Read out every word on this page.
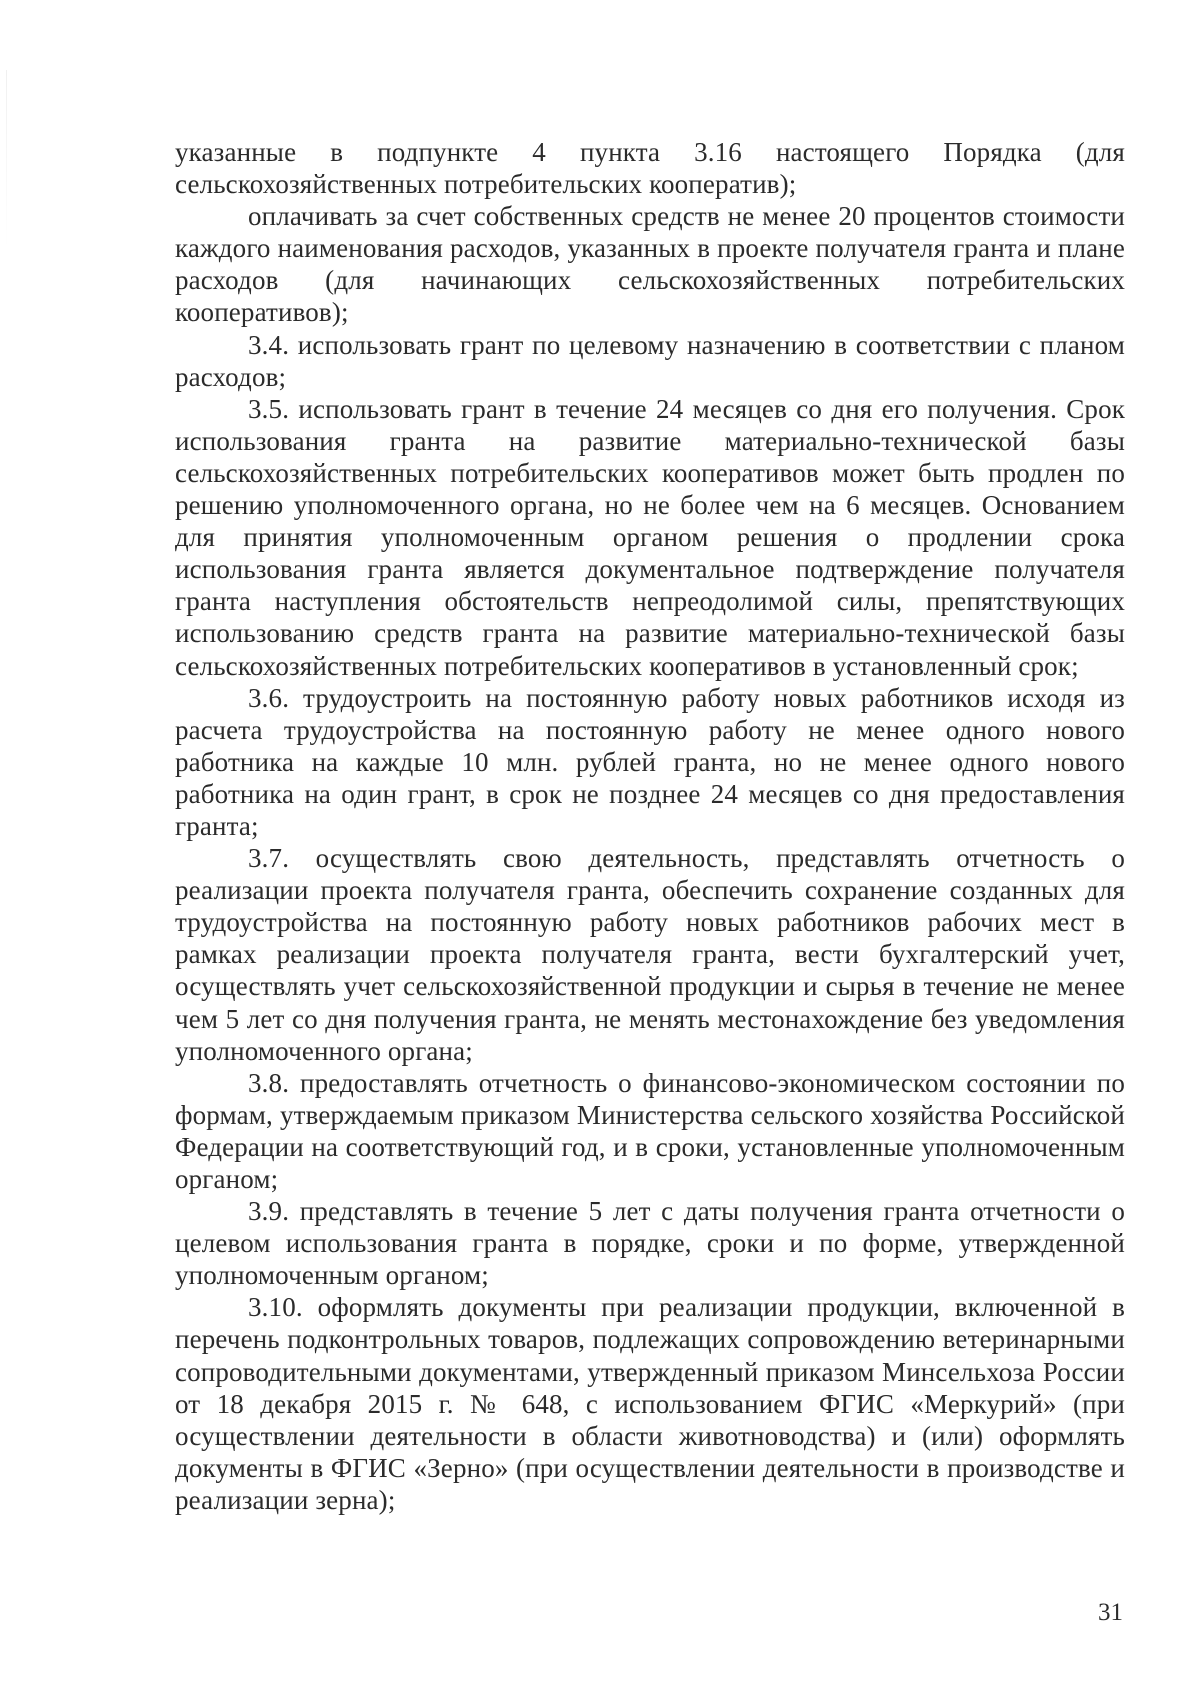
указанные в подпункте 4 пункта 3.16 настоящего Порядка (для сельскохозяйственных потребительских кооператив);

оплачивать за счет собственных средств не менее 20 процентов стоимости каждого наименования расходов, указанных в проекте получателя гранта и плане расходов (для начинающих сельскохозяйственных потребительских кооперативов);

3.4. использовать грант по целевому назначению в соответствии с планом расходов;

3.5. использовать грант в течение 24 месяцев со дня его получения. Срок использования гранта на развитие материально-технической базы сельскохозяйственных потребительских кооперативов может быть продлен по решению уполномоченного органа, но не более чем на 6 месяцев. Основанием для принятия уполномоченным органом решения о продлении срока использования гранта является документальное подтверждение получателя гранта наступления обстоятельств непреодолимой силы, препятствующих использованию средств гранта на развитие материально-технической базы сельскохозяйственных потребительских кооперативов в установленный срок;

3.6. трудоустроить на постоянную работу новых работников исходя из расчета трудоустройства на постоянную работу не менее одного нового работника на каждые 10 млн. рублей гранта, но не менее одного нового работника на один грант, в срок не позднее 24 месяцев со дня предоставления гранта;

3.7. осуществлять свою деятельность, представлять отчетность о реализации проекта получателя гранта, обеспечить сохранение созданных для трудоустройства на постоянную работу новых работников рабочих мест в рамках реализации проекта получателя гранта, вести бухгалтерский учет, осуществлять учет сельскохозяйственной продукции и сырья в течение не менее чем 5 лет со дня получения гранта, не менять местонахождение без уведомления уполномоченного органа;

3.8. предоставлять отчетность о финансово-экономическом состоянии по формам, утверждаемым приказом Министерства сельского хозяйства Российской Федерации на соответствующий год, и в сроки, установленные уполномоченным органом;

3.9. представлять в течение 5 лет с даты получения гранта отчетности о целевом использования гранта в порядке, сроки и по форме, утвержденной уполномоченным органом;

3.10. оформлять документы при реализации продукции, включенной в перечень подконтрольных товаров, подлежащих сопровождению ветеринарными сопроводительными документами, утвержденный приказом Минсельхоза России от 18 декабря 2015 г. № 648, с использованием ФГИС «Меркурий» (при осуществлении деятельности в области животноводства) и (или) оформлять документы в ФГИС «Зерно» (при осуществлении деятельности в производстве и реализации зерна);

31
